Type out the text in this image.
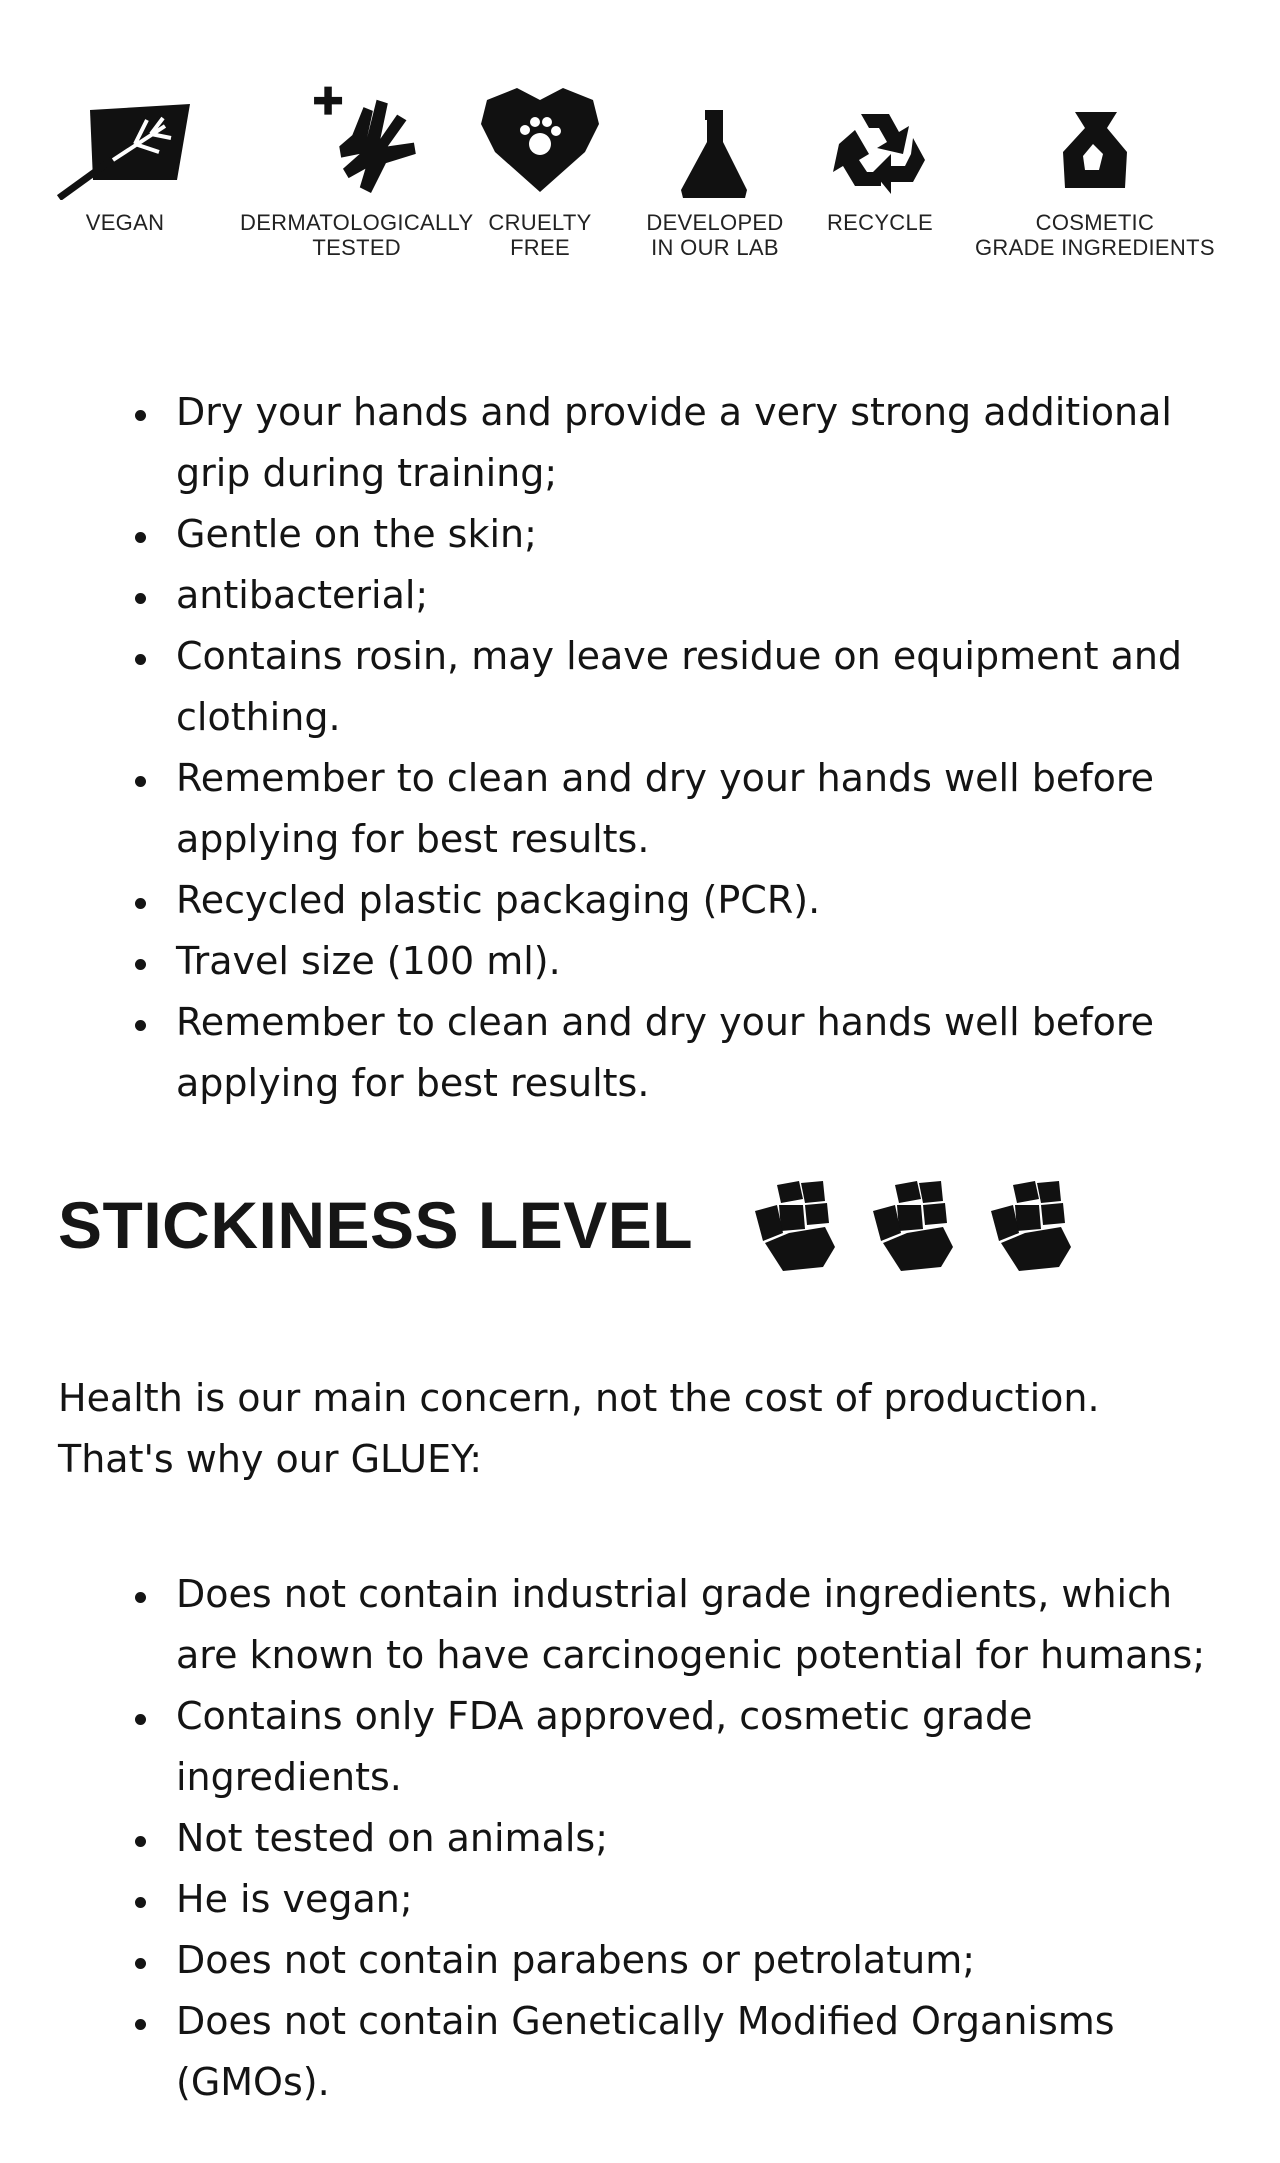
VEGAN	DERMATOLOGICALLY
TESTED
CRUELTY
FREE
DEVELOPED
IN OUR LAB
RECYCLE	COSMETIC
GRADE INGREDIENTS
Dry your hands and provide a very strong additional grip during training;
Gentle on the skin;
antibacterial;
Contains rosin, may leave residue on equipment and clothing.
Remember to clean and dry your hands well before applying for best results.
Recycled plastic packaging (PCR).
Travel size (100 ml).
Remember to clean and dry your hands well before applying for best results.
STICKINESS LEVEL

Health is our main concern, not the cost of production. That's why our GLUEY:

Does not contain industrial grade ingredients, which are known to have carcinogenic potential for humans;
Contains only FDA approved, cosmetic grade ingredients.
Not tested on animals;
He is vegan;
Does not contain parabens or petrolatum;
Does not contain Genetically Modified Organisms (GMOs).
